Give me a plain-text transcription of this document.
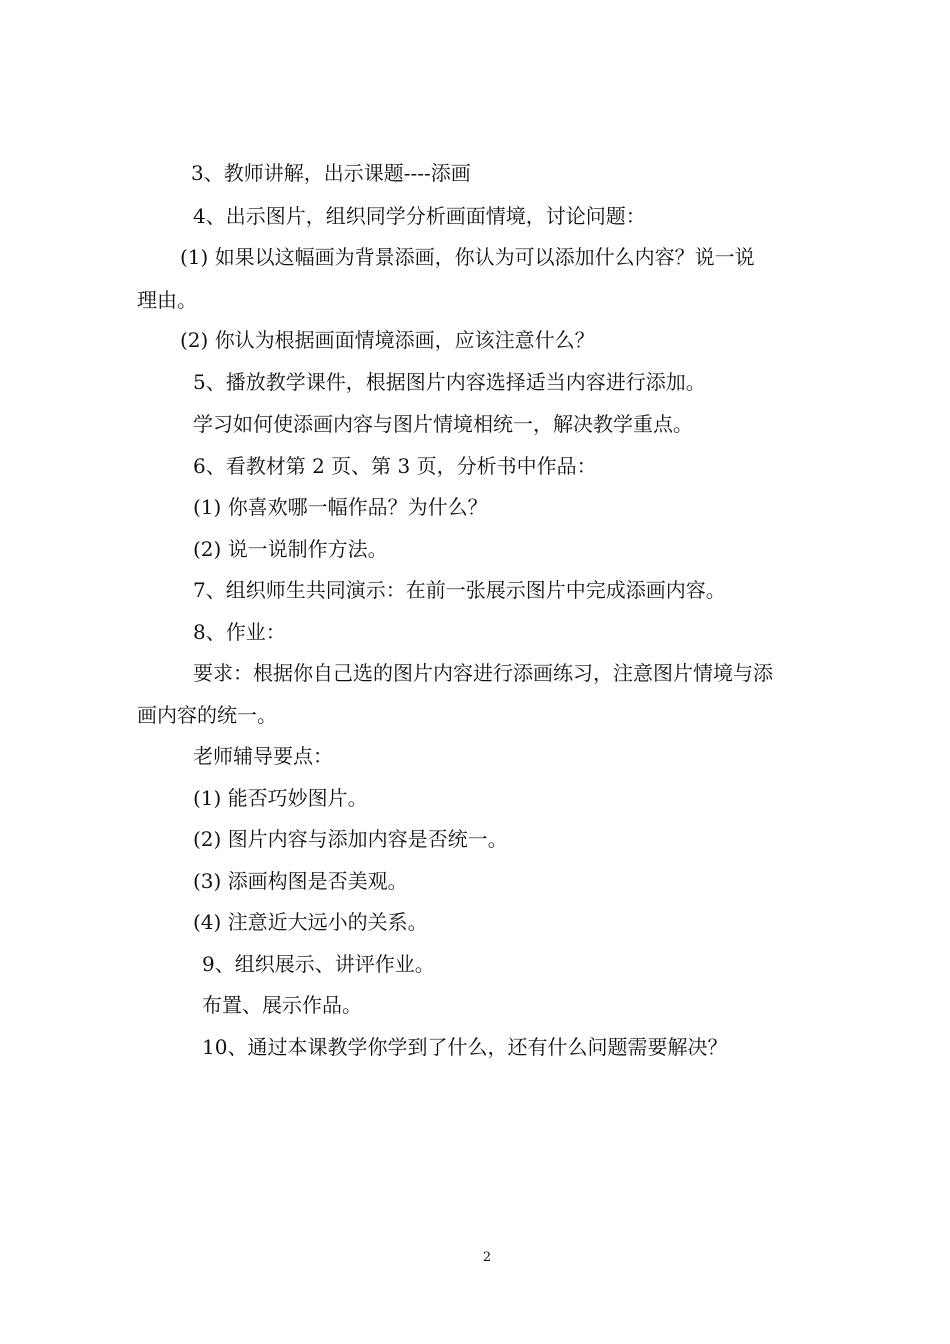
3、教师讲解，出示课题----添画
4、出示图片，组织同学分析画面情境，讨论问题：
(1) 如果以这幅画为背景添画，你认为可以添加什么内容？说一说
理由。
(2) 你认为根据画面情境添画，应该注意什么？
5、播放教学课件，根据图片内容选择适当内容进行添加。
学习如何使添画内容与图片情境相统一，解决教学重点。
6、看教材第 2 页、第 3 页，分析书中作品：
(1) 你喜欢哪一幅作品？为什么？
(2) 说一说制作方法。
7、组织师生共同演示：在前一张展示图片中完成添画内容。
8、作业：
要求：根据你自己选的图片内容进行添画练习，注意图片情境与添
画内容的统一。
老师辅导要点：
(1) 能否巧妙图片。
(2) 图片内容与添加内容是否统一。
(3) 添画构图是否美观。
(4) 注意近大远小的关系。
9、组织展示、讲评作业。
布置、展示作品。
10、通过本课教学你学到了什么，还有什么问题需要解决？
2
